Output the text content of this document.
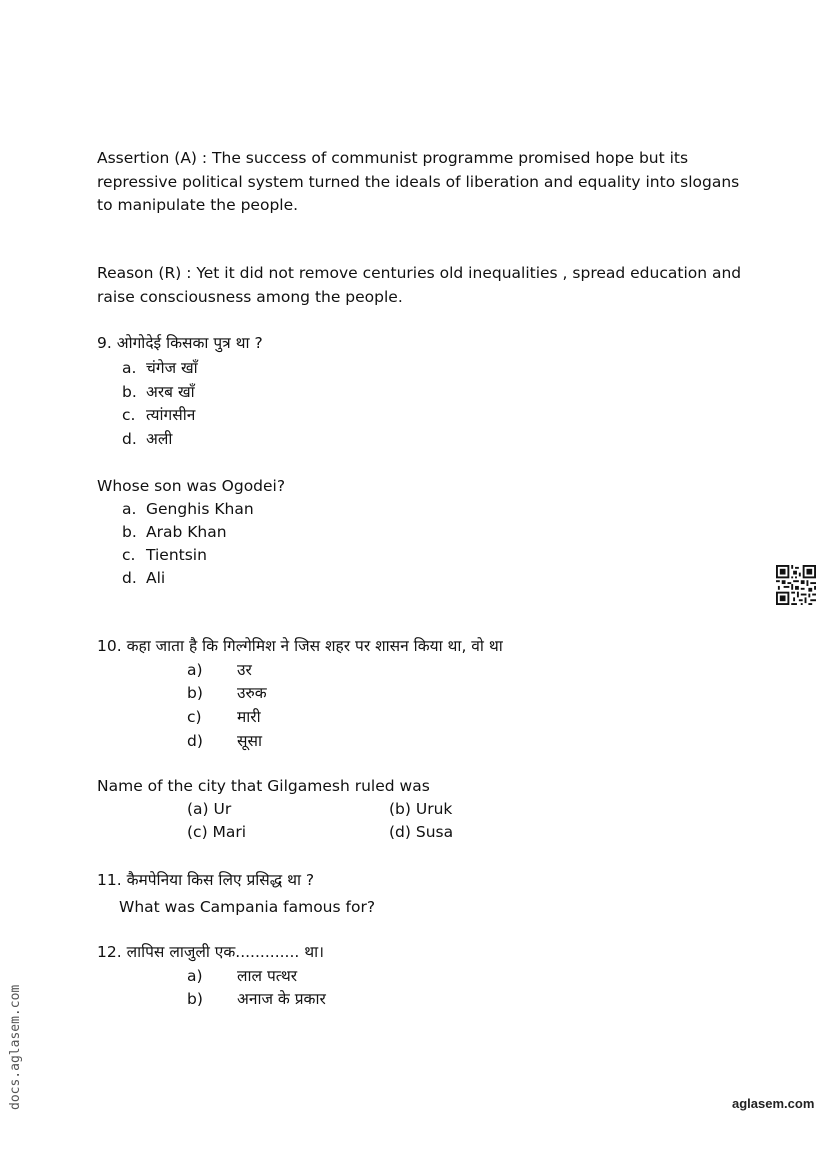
Assertion (A) : The success of communist programme promised hope but its repressive political system turned the ideals of liberation and equality into slogans to manipulate the people.
Reason (R) : Yet it did not remove centuries old inequalities , spread education and raise consciousness among the people.
9. ओगोदेई किसका पुत्र था ?
a. चंगेज खाँ
b. अरब खाँ
c. त्यांगसीन
d. अली
Whose son was Ogodei?
a. Genghis Khan
b. Arab Khan
c. Tientsin
d. Ali
10. कहा जाता है कि गिल्गेमिश ने जिस शहर पर शासन किया था, वो था
a) उर
b) उरुक
c) मारी
d) सूसा
Name of the city that Gilgamesh ruled was
(a) Ur	(b) Uruk
(c) Mari	(d) Susa
11. कैमपेनिया किस लिए प्रसिद्ध था ?
What was Campania famous for?
12. लापिस लाजुली एक............. था।
a) लाल पत्थर
b) अनाज के प्रकार
docs.aglasem.com	aglasem.com
